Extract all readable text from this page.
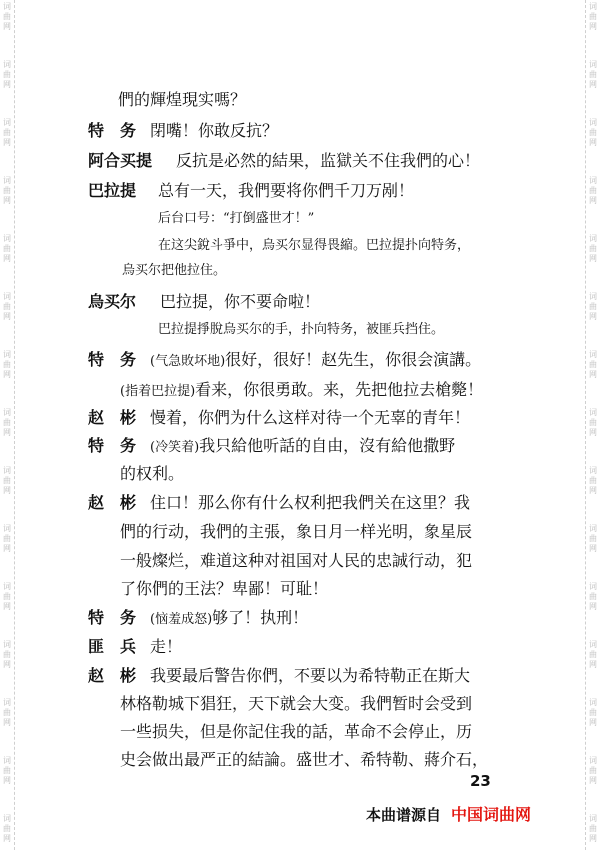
词曲网
词曲网
词曲网
词曲网
词曲网
词曲网
词曲网
词曲网
词曲网
词曲网
词曲网
词曲网
词曲网
词曲网
词曲网
词曲网
词曲网
词曲网
词曲网
词曲网
词曲网
词曲网
词曲网
词曲网
词曲网
词曲网
词曲网
词曲网
词曲网
词曲网
們的輝煌現实嗎？
特　务 閉嘴！你敢反抗？
阿合买提 反抗是必然的結果，监獄关不住我們的心！
巴拉提 总有一天，我們要将你們千刀万剐！
后台口号：“打倒盛世才！”
在这尖銳斗爭中，烏买尔显得畏縮。巴拉提扑向特务，
烏买尔把他拉住。
烏买尔 巴拉提，你不要命啦！
巴拉提掙脫烏买尔的手，扑向特务，被匪兵挡住。
特　务 (气急敗坏地)很好，很好！赵先生，你很会演講。
(指着巴拉提)看来，你很勇敢。来，先把他拉去槍斃！
赵　彬 慢着，你們为什么这样对待一个无辜的青年！
特　务 (冷笑着)我只給他听話的自由，沒有給他撒野
的权利。
赵　彬 住口！那么你有什么权利把我們关在这里？我
們的行动，我們的主張，象日月一样光明，象星辰
一般燦烂，难道这种对祖国对人民的忠誠行动，犯
了你們的王法？卑鄙！可耻！
特　务 (恼羞成怒)够了！执刑！
匪　兵 走！
赵　彬 我要最后警告你們，不要以为希特勒正在斯大
林格勒城下猖狂，天下就会大变。我們暂时会受到
一些损失，但是你記住我的話，革命不会停止，历
史会做出最严正的結論。盛世才、希特勒、蔣介石，
23
本曲谱源自 中国词曲网
